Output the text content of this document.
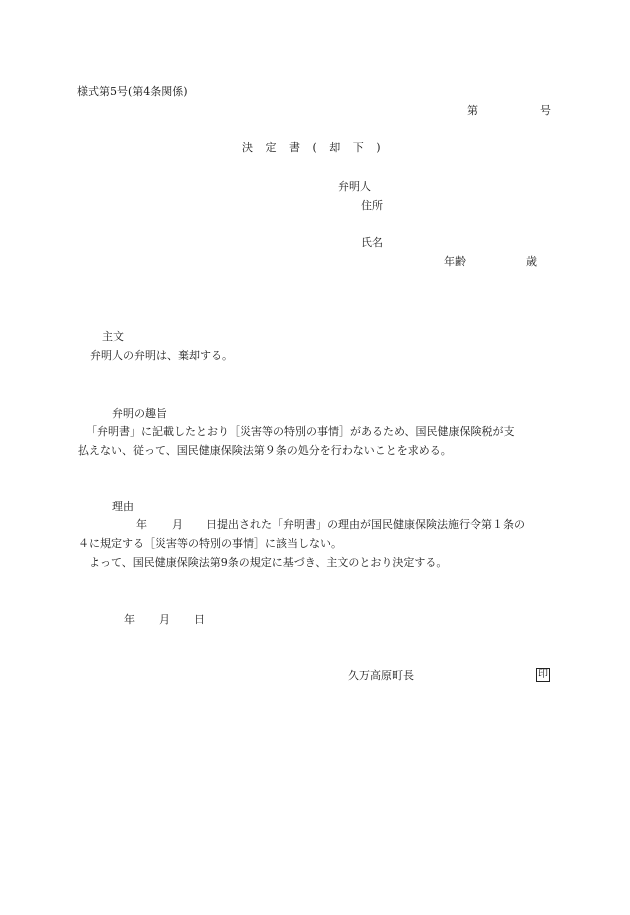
様式第5号(第4条関係)
第	号
決 定 書 ( 却 下 )
弁明人
住所
氏名
年齢	歳
主文
弁明人の弁明は、棄却する。
弁明の趣旨
「弁明書」に記載したとおり［災害等の特別の事情］があるため、国民健康保険税が支
払えない、従って、国民健康保険法第９条の処分を行わないことを求める。
理由
年 月 日提出された「弁明書」の理由が国民健康保険法施行令第１条の
４に規定する［災害等の特別の事情］に該当しない。
よって、国民健康保険法第9条の規定に基づき、主文のとおり決定する。
年 月 日
久万高原町長	印
